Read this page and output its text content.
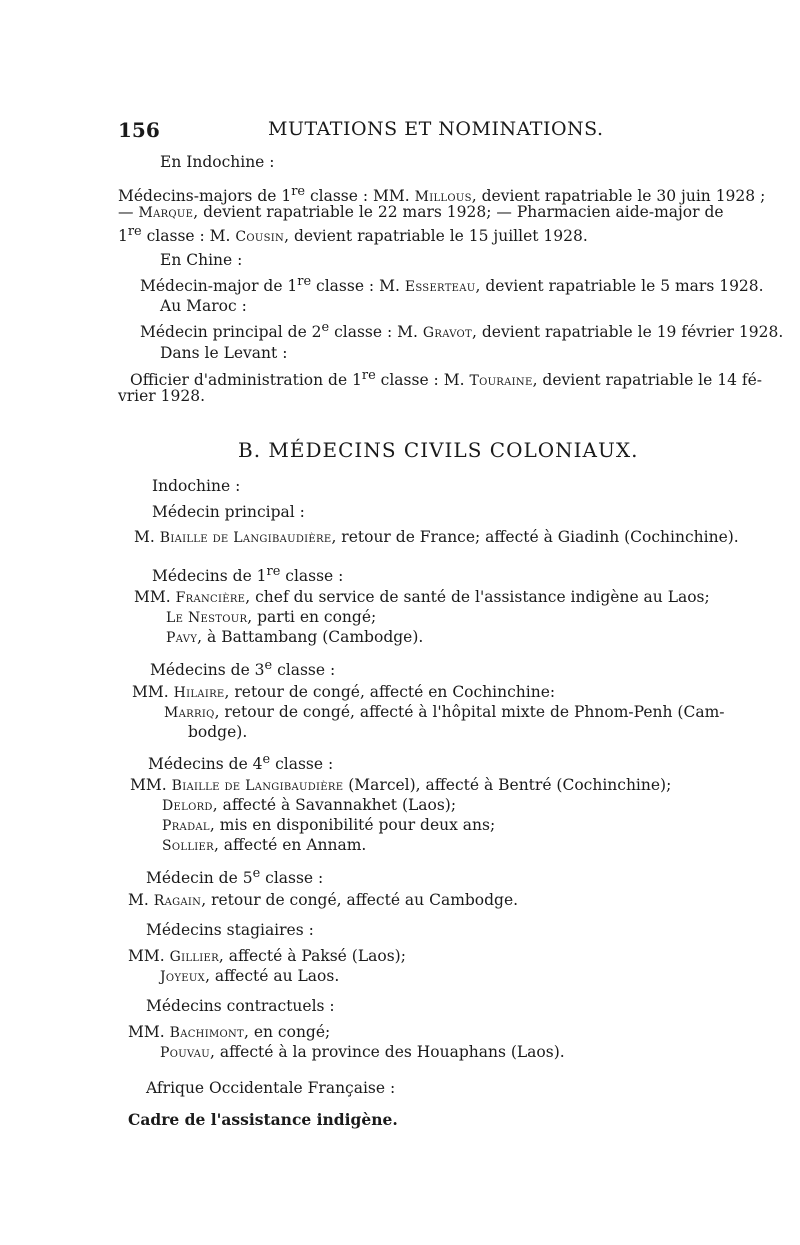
156	MUTATIONS ET NOMINATIONS.
En Indochine :
Médecins-majors de 1re classe : MM. Millous, devient rapatriable le 30 juin 1928 ;
— Marque, devient rapatriable le 22 mars 1928; — Pharmacien aide-major de
1re classe : M. Cousin, devient rapatriable le 15 juillet 1928.
En Chine :
Médecin-major de 1re classe : M. Esserteau, devient rapatriable le 5 mars 1928.
Au Maroc :
Médecin principal de 2e classe : M. Gravot, devient rapatriable le 19 février 1928.
Dans le Levant :
Officier d'administration de 1re classe : M. Touraine, devient rapatriable le 14 fé-
vrier 1928.
B. MÉDECINS CIVILS COLONIAUX.
Indochine :
Médecin principal :
M. Biaille de Langibaudière, retour de France; affecté à Giadinh (Cochinchine).
Médecins de 1re classe :
MM. Francière, chef du service de santé de l'assistance indigène au Laos;
Le Nestour, parti en congé;
Pavy, à Battambang (Cambodge).
Médecins de 3e classe :
MM. Hilaire, retour de congé, affecté en Cochinchine:
Marriq, retour de congé, affecté à l'hôpital mixte de Phnom-Penh (Cam-
bodge).
Médecins de 4e classe :
MM. Biaille de Langibaudière (Marcel), affecté à Bentré (Cochinchine);
Delord, affecté à Savannakhet (Laos);
Pradal, mis en disponibilité pour deux ans;
Sollier, affecté en Annam.
Médecin de 5e classe :
M. Ragain, retour de congé, affecté au Cambodge.
Médecins stagiaires :
MM. Gillier, affecté à Paksé (Laos);
Joyeux, affecté au Laos.
Médecins contractuels :
MM. Bachimont, en congé;
Pouvau, affecté à la province des Houaphans (Laos).
Afrique Occidentale Française :
Cadre de l'assistance indigène.
